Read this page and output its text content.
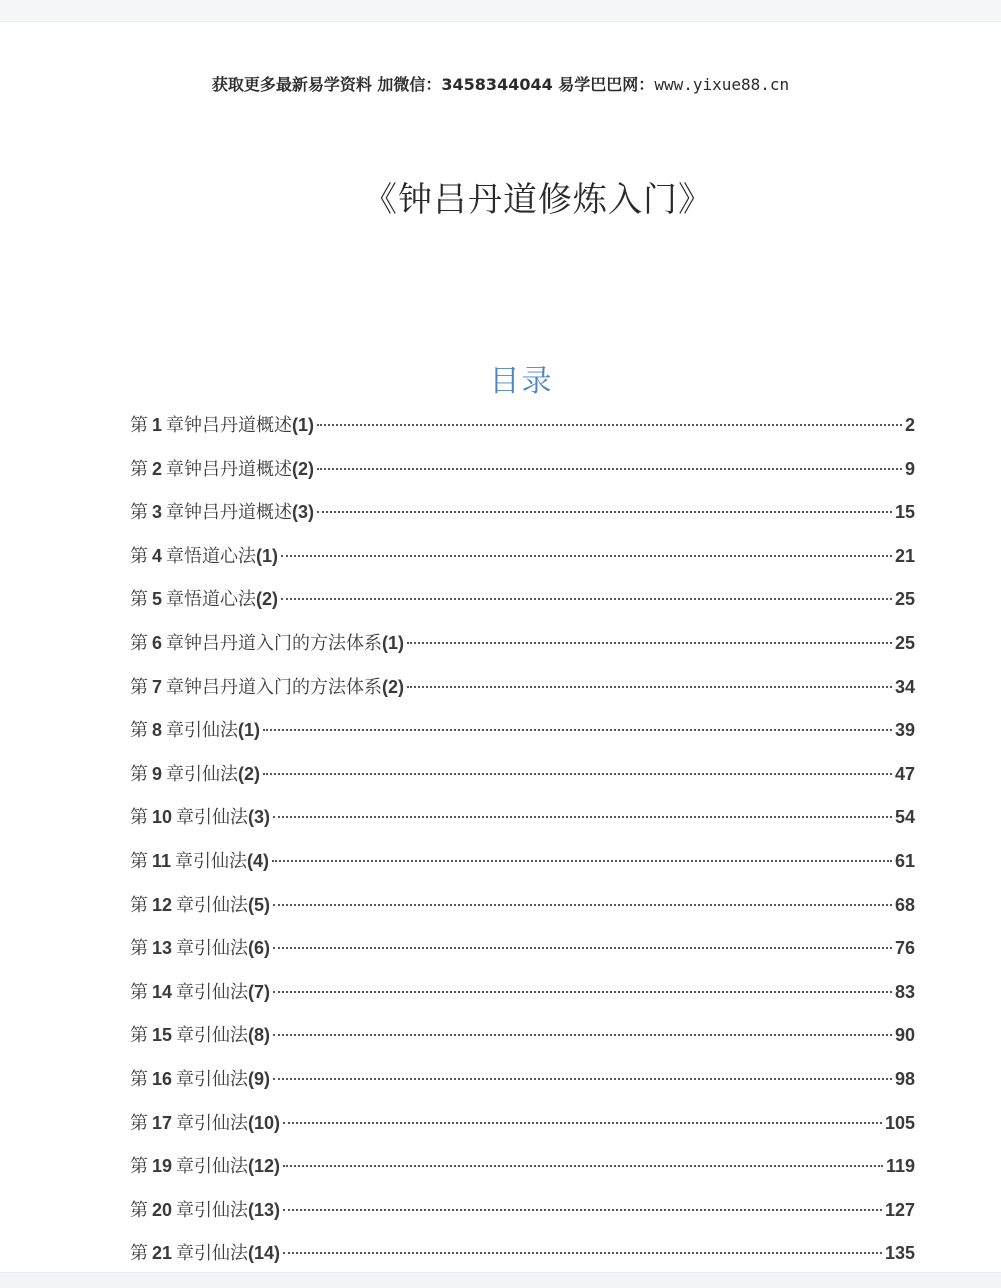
获取更多最新易学资料 加微信：3458344044 易学巴巴网：www.yixue88.cn
《钟吕丹道修炼入门》
目录
第 1 章钟吕丹道概述(1)	2
第 2 章钟吕丹道概述(2)	9
第 3 章钟吕丹道概述(3)	15
第 4 章悟道心法(1)	21
第 5 章悟道心法(2)	25
第 6 章钟吕丹道入门的方法体系(1)	25
第 7 章钟吕丹道入门的方法体系(2)	34
第 8 章引仙法(1)	39
第 9 章引仙法(2)	47
第 10 章引仙法(3)	54
第 11 章引仙法(4)	61
第 12 章引仙法(5)	68
第 13 章引仙法(6)	76
第 14 章引仙法(7)	83
第 15 章引仙法(8)	90
第 16 章引仙法(9)	98
第 17 章引仙法(10)	105
第 19 章引仙法(12)	119
第 20 章引仙法(13)	127
第 21 章引仙法(14)	135
